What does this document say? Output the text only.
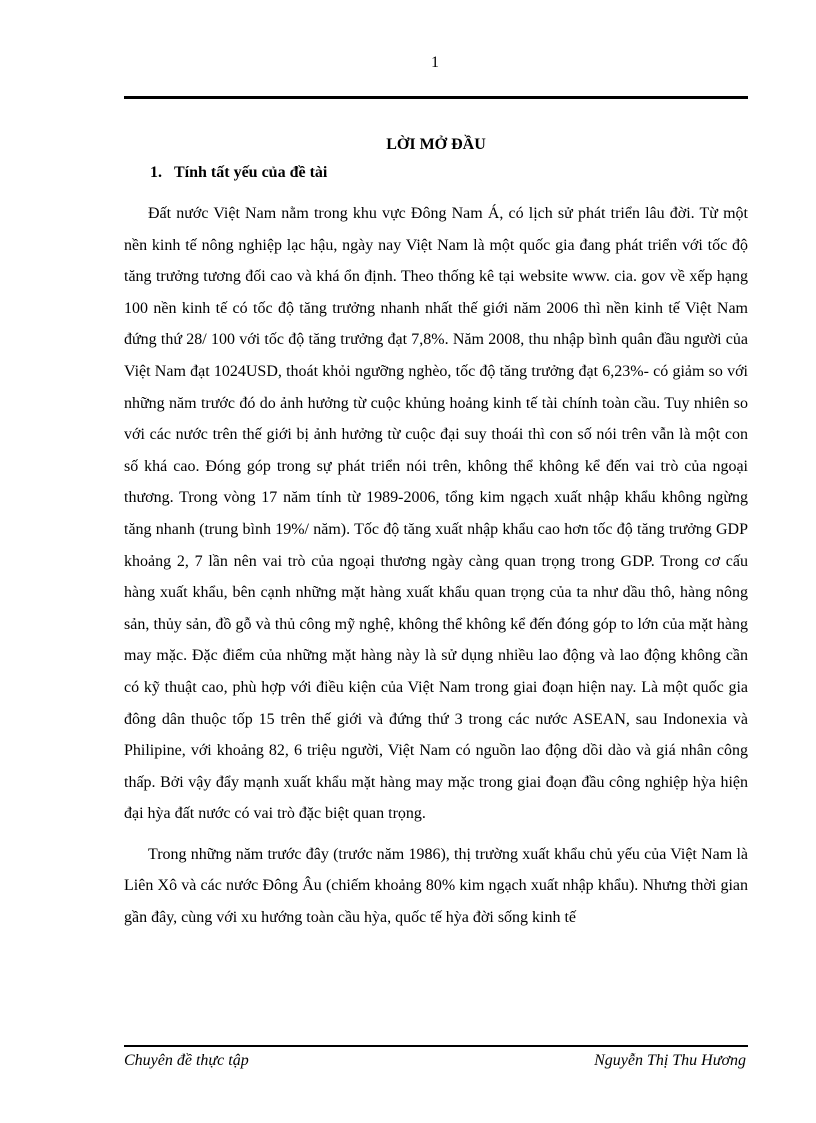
1
LỜI MỞ ĐẦU
1. Tính tất yếu của đề tài

Đất nước Việt Nam nằm trong khu vực Đông Nam Á, có lịch sử phát triển lâu đời. Từ một nền kinh tế nông nghiệp lạc hậu, ngày nay Việt Nam là một quốc gia đang phát triển với tốc độ tăng trưởng tương đối cao và khá ổn định. Theo thống kê tại website www. cia. gov về xếp hạng 100 nền kinh tế có tốc độ tăng trưởng nhanh nhất thế giới năm 2006 thì nền kinh tế Việt Nam đứng thứ 28/ 100 với tốc độ tăng trưởng đạt 7,8%. Năm 2008, thu nhập bình quân đầu người của Việt Nam đạt 1024USD, thoát khỏi ngưỡng nghèo, tốc độ tăng trưởng đạt 6,23%- có giảm so với những năm trước đó do ảnh hưởng từ cuộc khủng hoảng kinh tế tài chính toàn cầu. Tuy nhiên so với các nước trên thế giới bị ảnh hưởng từ cuộc đại suy thoái thì con số nói trên vẫn là một con số khá cao. Đóng góp trong sự phát triển nói trên, không thể không kể đến vai trò của ngoại thương. Trong vòng 17 năm tính từ 1989-2006, tổng kim ngạch xuất nhập khẩu không ngừng tăng nhanh (trung bình 19%/ năm). Tốc độ tăng xuất nhập khẩu cao hơn tốc độ tăng trưởng GDP khoảng 2, 7 lần nên vai trò của ngoại thương ngày càng quan trọng trong GDP. Trong cơ cấu hàng xuất khẩu, bên cạnh những mặt hàng xuất khẩu quan trọng của ta như dầu thô, hàng nông sản, thủy sản, đồ gỗ và thủ công mỹ nghệ, không thể không kể đến đóng góp to lớn của mặt hàng may mặc. Đặc điểm của những mặt hàng này là sử dụng nhiều lao động và lao động không cần có kỹ thuật cao, phù hợp với điều kiện của Việt Nam trong giai đoạn hiện nay. Là một quốc gia đông dân thuộc tốp 15 trên thế giới và đứng thứ 3 trong các nước ASEAN, sau Indonexia và Philipine, với khoảng 82, 6 triệu người, Việt Nam có nguồn lao động dồi dào và giá nhân công thấp. Bởi vậy đẩy mạnh xuất khẩu mặt hàng may mặc trong giai đoạn đầu công nghiệp hỳa hiện đại hỳa đất nước có vai trò đặc biệt quan trọng.

Trong những năm trước đây (trước năm 1986), thị trường xuất khẩu chủ yếu của Việt Nam là Liên Xô và các nước Đông Âu (chiếm khoảng 80% kim ngạch xuất nhập khẩu). Nhưng thời gian gần đây, cùng với xu hướng toàn cầu hỳa, quốc tế hỳa đời sống kinh tế

Chuyên đề thực tập	Nguyễn Thị Thu Hương
